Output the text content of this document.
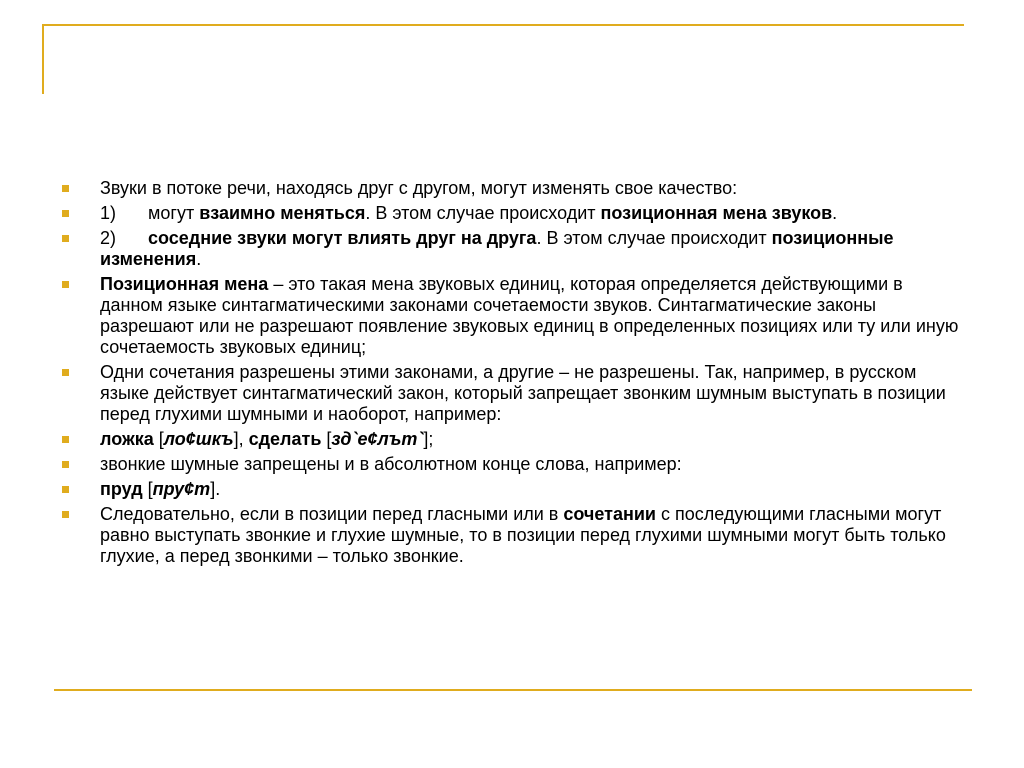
Звуки в потоке речи, находясь друг с другом, могут изменять свое качество:
1) могут взаимно меняться. В этом случае происходит позиционная мена звуков.
2) соседние звуки могут влиять друг на друга. В этом случае происходит позиционные изменения.
Позиционная мена – это такая мена звуковых единиц, которая определяется действующими в данном языке синтагматическими законами сочетаемости звуков. Синтагматические законы разрешают или не разрешают появление звуковых единиц в определенных позициях или ту или иную сочетаемость звуковых единиц;
Одни сочетания разрешены этими законами, а другие – не разрешены. Так, например, в русском языке действует синтагматический закон, который запрещает звонким шумным выступать в позиции перед глухими шумными и наоборот, например:
ложка [ло¢шкъ], сделать [зд`е¢лът`];
звонкие шумные запрещены и в абсолютном конце слова, например:
пруд [пру¢т].
Следовательно, если в позиции перед гласными или в сочетании с последующими гласными могут равно выступать звонкие и глухие шумные, то в позиции перед глухими шумными могут быть только глухие, а перед звонкими – только звонкие.
